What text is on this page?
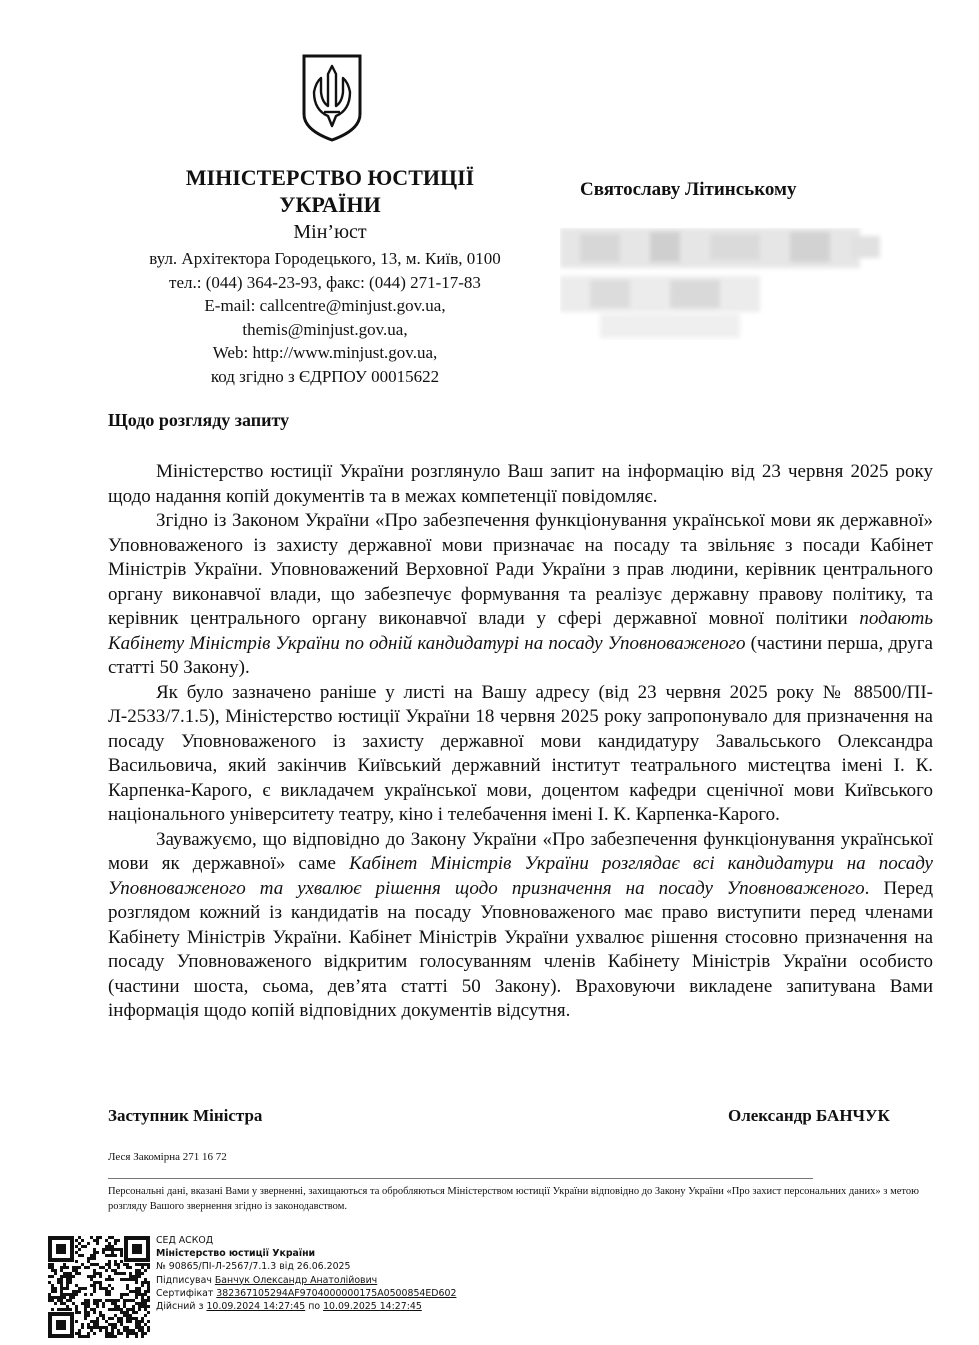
МІНІСТЕРСТВО ЮСТИЦІЇ
УКРАЇНИ
Мін’юст
вул. Архітектора Городецького, 13, м. Київ, 0100
тел.: (044) 364-23-93, факс: (044) 271-17-83
E-mail: callcentre@minjust.gov.ua,
themis@minjust.gov.ua,
Web: http://www.minjust.gov.ua,
код згідно з ЄДРПОУ 00015622
Святославу Літинському
Щодо розгляду запиту

Міністерство юстиції України розглянуло Ваш запит на інформацію від 23 червня 2025 року щодо надання копій документів та в межах компетенції повідомляє.

Згідно із Законом України «Про забезпечення функціонування української мови як державної» Уповноваженого із захисту державної мови призначає на посаду та звільняє з посади Кабінет Міністрів України. Уповноважений Верховної Ради України з прав людини, керівник центрального органу виконавчої влади, що забезпечує формування та реалізує державну правову політику, та керівник центрального органу виконавчої влади у сфері державної мовної політики подають Кабінету Міністрів України по одній кандидатурі на посаду Уповноваженого (частини перша, друга статті 50 Закону).

Як було зазначено раніше у листі на Вашу адресу (від 23 червня 2025 року № 88500/ПІ-Л-2533/7.1.5), Міністерство юстиції України 18 червня 2025 року запропонувало для призначення на посаду Уповноваженого із захисту державної мови кандидатуру Завальського Олександра Васильовича, який закінчив Київський державний інститут театрального мистецтва імені І. К. Карпенка-Карого, є викладачем української мови, доцентом кафедри сценічної мови Київського національного університету театру, кіно і телебачення імені І. К. Карпенка-Карого.

Зауважуємо, що відповідно до Закону України «Про забезпечення функціонування української мови як державної» саме Кабінет Міністрів України розглядає всі кандидатури на посаду Уповноваженого та ухвалює рішення щодо призначення на посаду Уповноваженого. Перед розглядом кожний із кандидатів на посаду Уповноваженого має право виступити перед членами Кабінету Міністрів України. Кабінет Міністрів України ухвалює рішення стосовно призначення на посаду Уповноваженого відкритим голосуванням членів Кабінету Міністрів України особисто (частини шоста, сьома, дев’ята статті 50 Закону). Враховуючи викладене запитувана Вами інформація щодо копій відповідних документів відсутня.

Заступник Міністра	Олександр БАНЧУК
Леся Закомірна 271 16 72
Персональні дані, вказані Вами у зверненні, захищаються та обробляються Міністерством юстиції України відповідно до Закону України «Про захист персональних даних» з метою розгляду Вашого звернення згідно із законодавством.
СЕД АСКОД
Міністерство юстиції України
№ 90865/ПІ-Л-2567/7.1.3 від 26.06.2025
Підписувач Банчук Олександр Анатолійович
Сертифікат 382367105294AF9704000000175A0500854ED602
Дійсний з 10.09.2024 14:27:45 по 10.09.2025 14:27:45
